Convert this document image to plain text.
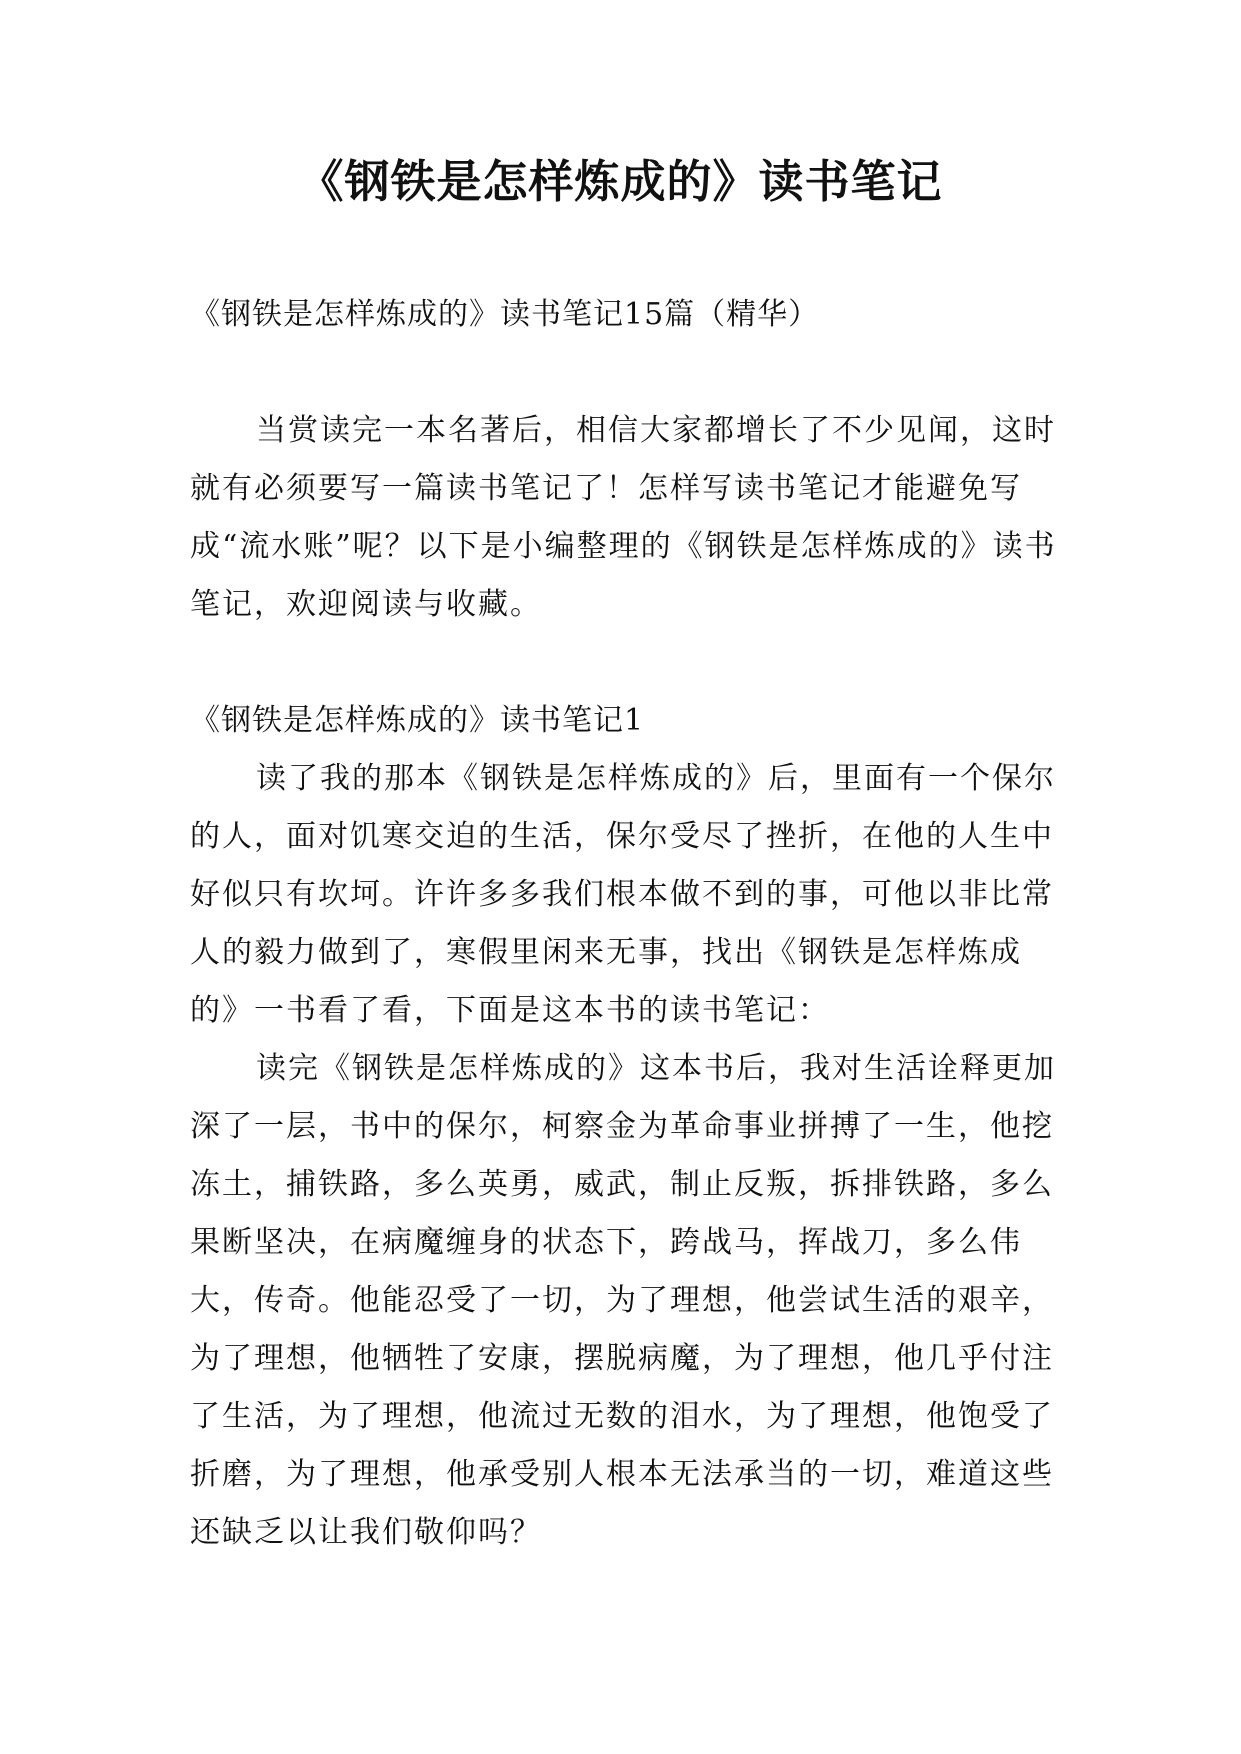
《钢铁是怎样炼成的》读书笔记

《钢铁是怎样炼成的》读书笔记15篇（精华）

当赏读完一本名著后，相信大家都增长了不少见闻，这时就有必须要写一篇读书笔记了！怎样写读书笔记才能避免写成“流水账”呢？以下是小编整理的《钢铁是怎样炼成的》读书笔记，欢迎阅读与收藏。

《钢铁是怎样炼成的》读书笔记1

读了我的那本《钢铁是怎样炼成的》后，里面有一个保尔的人，面对饥寒交迫的生活，保尔受尽了挫折，在他的人生中好似只有坎坷。许许多多我们根本做不到的事，可他以非比常人的毅力做到了，寒假里闲来无事，找出《钢铁是怎样炼成的》一书看了看，下面是这本书的读书笔记：

读完《钢铁是怎样炼成的》这本书后，我对生活诠释更加深了一层，书中的保尔，柯察金为革命事业拼搏了一生，他挖冻土，捕铁路，多么英勇，威武，制止反叛，拆排铁路，多么果断坚决，在病魔缠身的状态下，跨战马，挥战刀，多么伟大，传奇。他能忍受了一切，为了理想，他尝试生活的艰辛，为了理想，他牺牲了安康，摆脱病魔，为了理想，他几乎付注了生活，为了理想，他流过无数的泪水，为了理想，他饱受了折磨，为了理想，他承受别人根本无法承当的一切，难道这些还缺乏以让我们敬仰吗？
